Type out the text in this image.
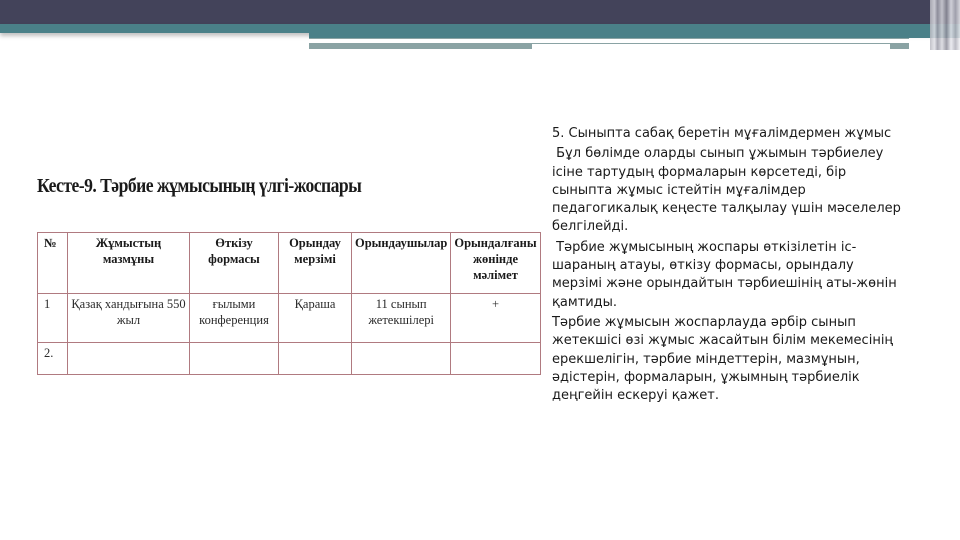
Кесте-9. Тәрбие жұмысының үлгі-жоспары
№	Жұмыстың мазмұны	Өткізу формасы	Орындау мерзімі	Орындаушылар	Орындалғаны жөнінде мәлімет
1	Қазақ хандығына 550 жыл	ғылыми конференция	Қараша	11 сынып жетекшілері	+
2.					

5. Сыныпта сабақ беретін мұғалімдермен жұмыс

Бұл бөлімде оларды сынып ұжымын тәрбиелеу ісіне тартудың формаларын көрсетеді, бір сыныпта жұмыс істейтін мұғалімдер педагогикалық кеңесте талқылау үшін мәселелер белгілейді.

Тәрбие жұмысының жоспары өткізілетін іс-шараның атауы, өткізу формасы, орындалу мерзімі және орындайтын тәрбиешінің аты-жөнін қамтиды.

Тәрбие жұмысын жоспарлауда әрбір сынып жетекшісі өзі жұмыс жасайтын білім мекемесінің ерекшелігін, тәрбие міндеттерін, мазмұнын, әдістерін, формаларын, ұжымның тәрбиелік деңгейін ескеруі қажет.
